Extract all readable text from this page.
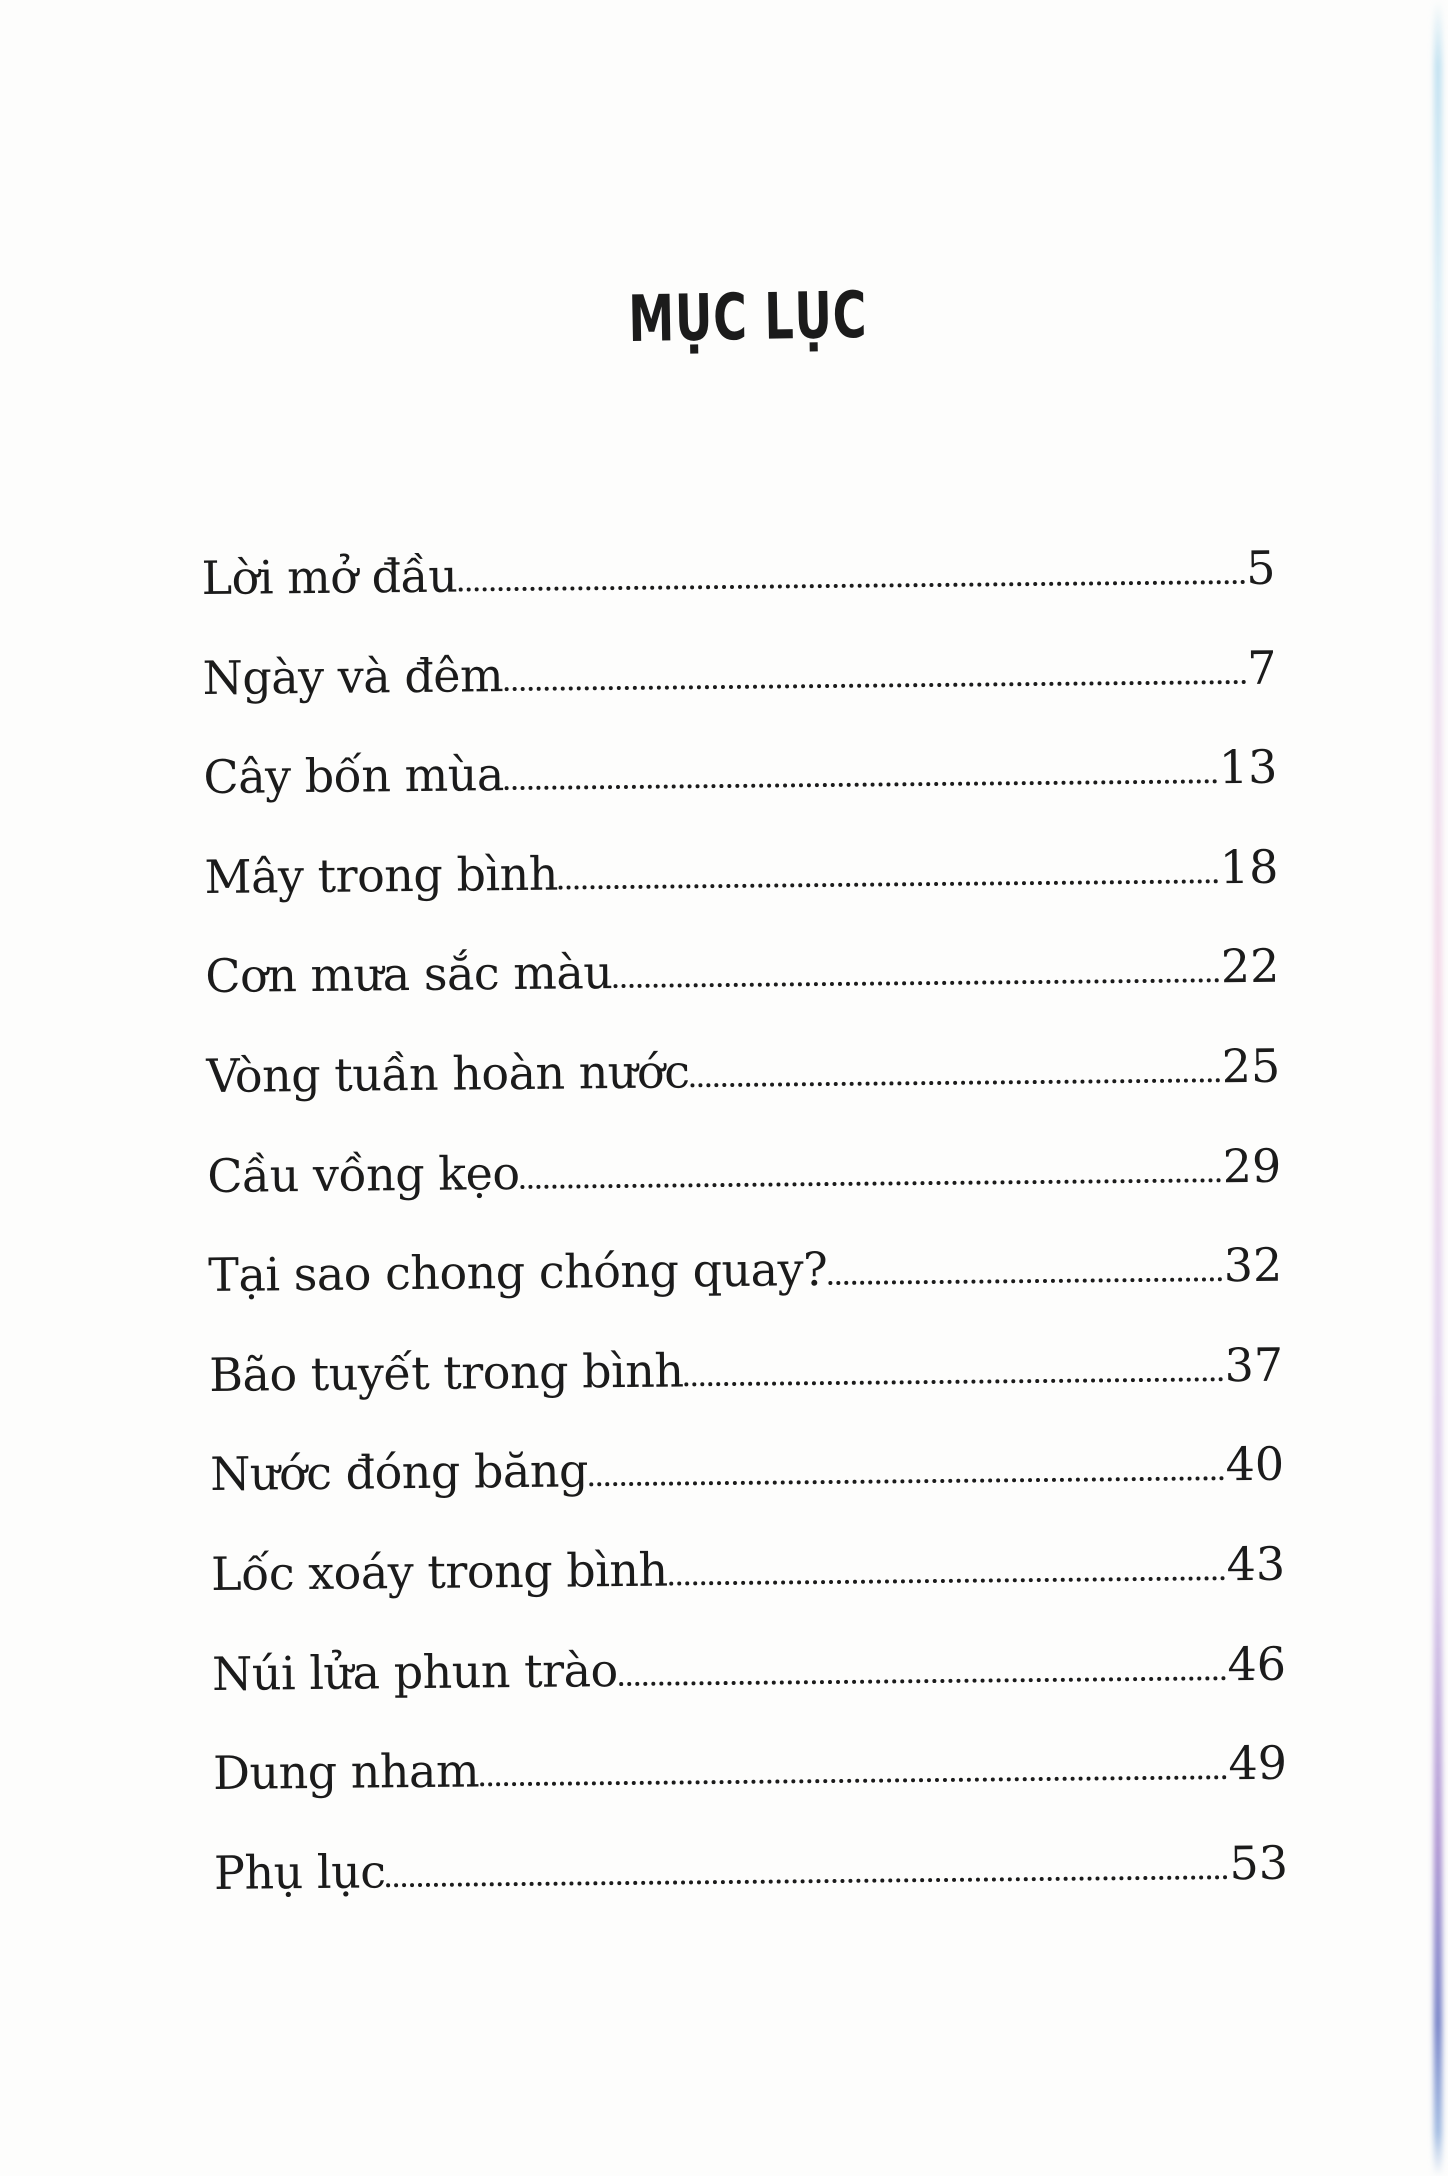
MỤC LỤC
Lời mở đầu	5
Ngày và đêm	7
Cây bốn mùa	13
Mây trong bình	18
Cơn mưa sắc màu	22
Vòng tuần hoàn nước	25
Cầu vồng kẹo	29
Tại sao chong chóng quay?	32
Bão tuyết trong bình	37
Nước đóng băng	40
Lốc xoáy trong bình	43
Núi lửa phun trào	46
Dung nham	49
Phụ lục	53
